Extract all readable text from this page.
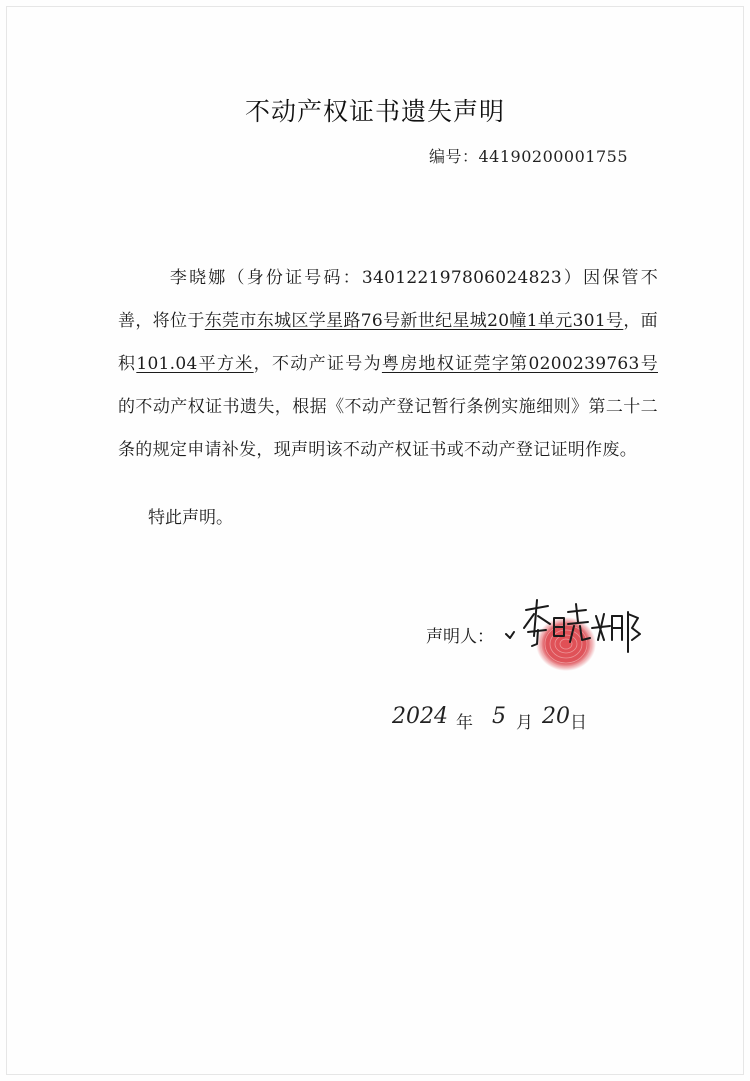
不动产权证书遗失声明
编号：44190200001755
李晓娜（身份证号码：340122197806024823）因保管不善，将位于东莞市东城区学星路76号新世纪星城20幢1单元301号，面积101.04平方米，不动产证号为粤房地权证莞字第0200239763号 的不动产权证书遗失，根据《不动产登记暂行条例实施细则》第二十二条的规定申请补发，现声明该不动产权证书或不动产登记证明作废。
特此声明。
声明人：
2024 年 5 月 20 日
